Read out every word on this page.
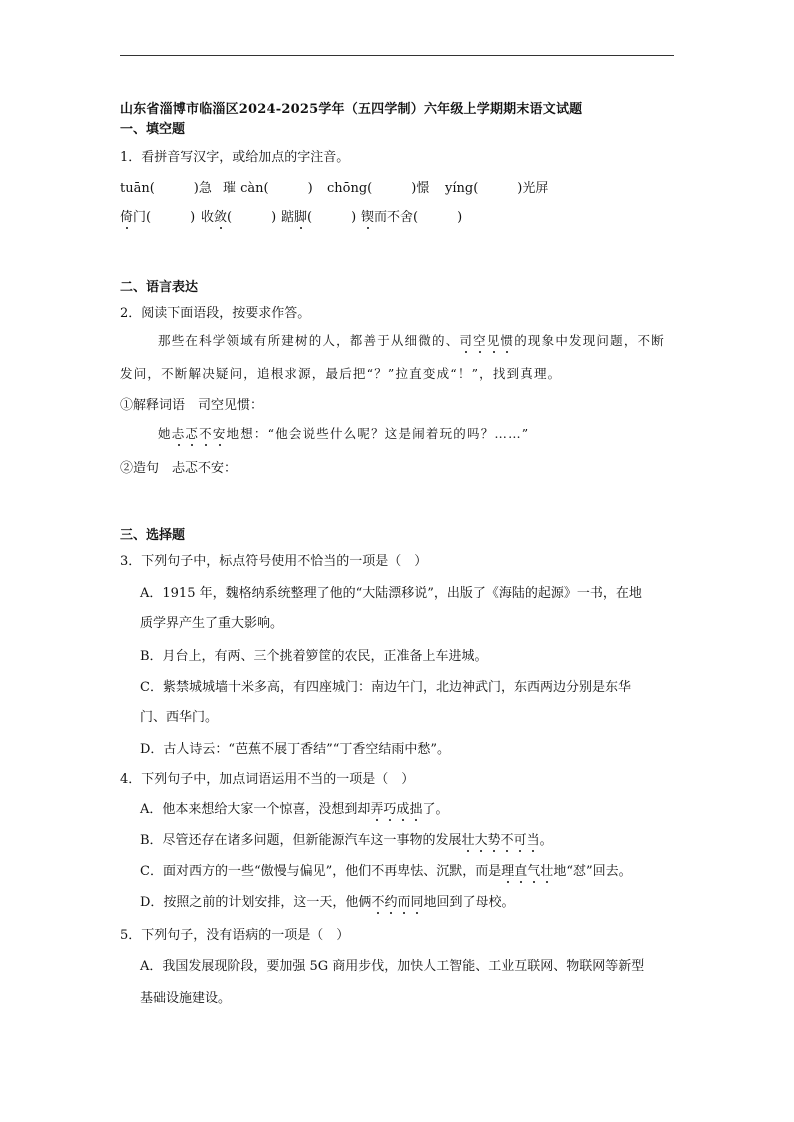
山东省淄博市临淄区2024-2025学年（五四学制）六年级上学期期末语文试题
一、填空题
1．看拼音写汉字，或给加点的字注音。
tuān(　　　)急 璀 càn(　　　) chōng(　　　)憬 yíng(　　　)光屏
倚门(　　　) 收敛(　　　) 踮脚(　　　) 锲而不舍(　　　)
二、语言表达
2．阅读下面语段，按要求作答。
那些在科学领域有所建树的人，都善于从细微的、司空见惯的现象中发现问题，不断
发问，不断解决疑问，追根求源，最后把“？”拉直变成“！”，找到真理。
①解释词语　司空见惯：
她忐忑不安地想：“他会说些什么呢？这是闹着玩的吗？……”
②造句　忐忑不安：
三、选择题
3．下列句子中，标点符号使用不恰当的一项是（　）
A．1915 年，魏格纳系统整理了他的“大陆漂移说”，出版了《海陆的起源》一书，在地
质学界产生了重大影响。
B．月台上，有两、三个挑着箩筐的农民，正准备上车进城。
C．紫禁城城墙十米多高，有四座城门：南边午门，北边神武门，东西两边分别是东华
门、西华门。
D．古人诗云：“芭蕉不展丁香结”“丁香空结雨中愁”。
4．下列句子中，加点词语运用不当的一项是（　）
A．他本来想给大家一个惊喜，没想到却弄巧成拙了。
B．尽管还存在诸多问题，但新能源汽车这一事物的发展壮大势不可当。
C．面对西方的一些“傲慢与偏见”，他们不再卑怯、沉默，而是理直气壮地“怼”回去。
D．按照之前的计划安排，这一天，他俩不约而同地回到了母校。
5．下列句子，没有语病的一项是（　）
A．我国发展现阶段，要加强 5G 商用步伐，加快人工智能、工业互联网、物联网等新型
基础设施建设。
